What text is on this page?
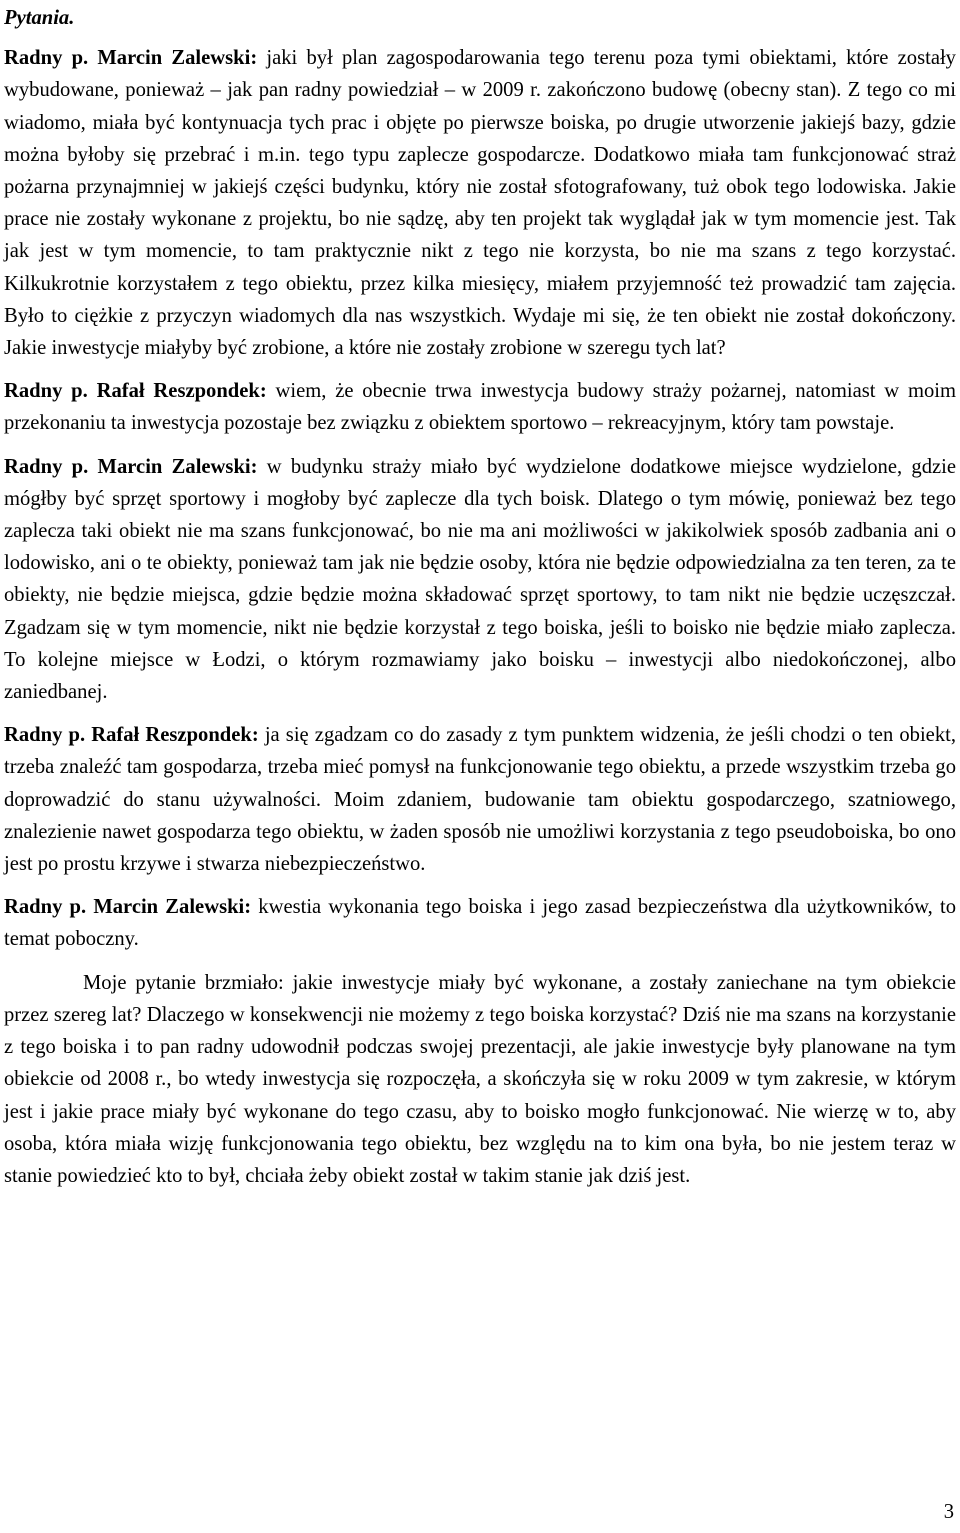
Pytania.

Radny p. Marcin Zalewski: jaki był plan zagospodarowania tego terenu poza tymi obiektami, które zostały wybudowane, ponieważ – jak pan radny powiedział – w 2009 r. zakończono budowę (obecny stan). Z tego co mi wiadomo, miała być kontynuacja tych prac i objęte po pierwsze boiska, po drugie utworzenie jakiejś bazy, gdzie można byłoby się przebrać i m.in. tego typu zaplecze gospodarcze. Dodatkowo miała tam funkcjonować straż pożarna przynajmniej w jakiejś części budynku, który nie został sfotografowany, tuż obok tego lodowiska. Jakie prace nie zostały wykonane z projektu, bo nie sądzę, aby ten projekt tak wyglądał jak w tym momencie jest. Tak jak jest w tym momencie, to tam praktycznie nikt z tego nie korzysta, bo nie ma szans z tego korzystać. Kilkukrotnie korzystałem z tego obiektu, przez kilka miesięcy, miałem przyjemność też prowadzić tam zajęcia. Było to ciężkie z przyczyn wiadomych dla nas wszystkich. Wydaje mi się, że ten obiekt nie został dokończony. Jakie inwestycje miałyby być zrobione, a które nie zostały zrobione w szeregu tych lat?

Radny p. Rafał Reszpondek: wiem, że obecnie trwa inwestycja budowy straży pożarnej, natomiast w moim przekonaniu ta inwestycja pozostaje bez związku z obiektem sportowo – rekreacyjnym, który tam powstaje.

Radny p. Marcin Zalewski: w budynku straży miało być wydzielone dodatkowe miejsce wydzielone, gdzie mógłby być sprzęt sportowy i mogłoby być zaplecze dla tych boisk. Dlatego o tym mówię, ponieważ bez tego zaplecza taki obiekt nie ma szans funkcjonować, bo nie ma ani możliwości w jakikolwiek sposób zadbania ani o lodowisko, ani o te obiekty, ponieważ tam jak nie będzie osoby, która nie będzie odpowiedzialna za ten teren, za te obiekty, nie będzie miejsca, gdzie będzie można składować sprzęt sportowy, to tam nikt nie będzie uczęszczał. Zgadzam się w tym momencie, nikt nie będzie korzystał z tego boiska, jeśli to boisko nie będzie miało zaplecza. To kolejne miejsce w Łodzi, o którym rozmawiamy jako boisku – inwestycji albo niedokończonej, albo zaniedbanej.

Radny p. Rafał Reszpondek: ja się zgadzam co do zasady z tym punktem widzenia, że jeśli chodzi o ten obiekt, trzeba znaleźć tam gospodarza, trzeba mieć pomysł na funkcjonowanie tego obiektu, a przede wszystkim trzeba go doprowadzić do stanu używalności. Moim zdaniem, budowanie tam obiektu gospodarczego, szatniowego, znalezienie nawet gospodarza tego obiektu, w żaden sposób nie umożliwi korzystania z tego pseudoboiska, bo ono jest po prostu krzywe i stwarza niebezpieczeństwo.

Radny p. Marcin Zalewski: kwestia wykonania tego boiska i jego zasad bezpieczeństwa dla użytkowników, to temat poboczny.

Moje pytanie brzmiało: jakie inwestycje miały być wykonane, a zostały zaniechane na tym obiekcie przez szereg lat? Dlaczego w konsekwencji nie możemy z tego boiska korzystać? Dziś nie ma szans na korzystanie z tego boiska i to pan radny udowodnił podczas swojej prezentacji, ale jakie inwestycje były planowane na tym obiekcie od 2008 r., bo wtedy inwestycja się rozpoczęła, a skończyła się w roku 2009 w tym zakresie, w którym jest i jakie prace miały być wykonane do tego czasu, aby to boisko mogło funkcjonować. Nie wierzę w to, aby osoba, która miała wizję funkcjonowania tego obiektu, bez względu na to kim ona była, bo nie jestem teraz w stanie powiedzieć kto to był, chciała żeby obiekt został w takim stanie jak dziś jest.

3
